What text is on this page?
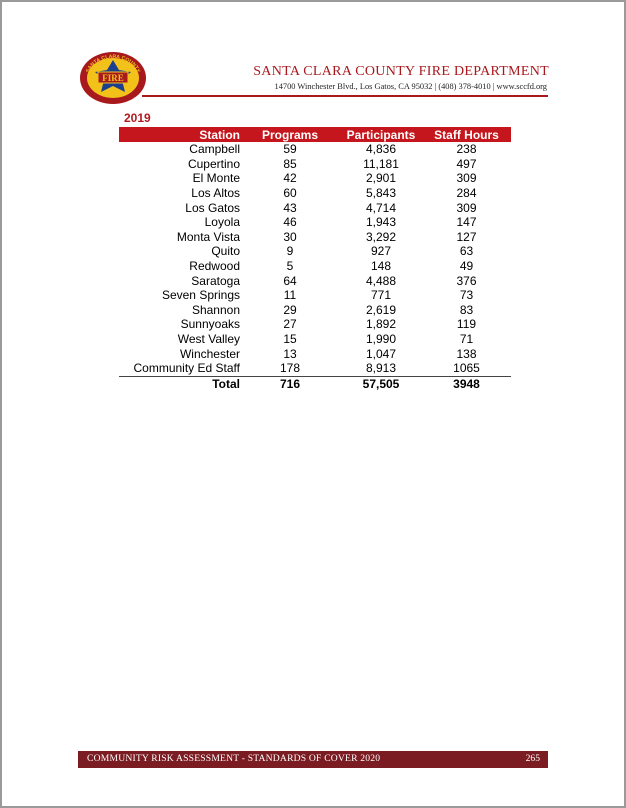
FIRE
SANTA CLARA COUNTY	SANTA CLARA COUNTY FIRE DEPARTMENT
14700 Winchester Blvd., Los Gatos, CA 95032 | (408) 378-4010 | www.sccfd.org
2019
Station	Programs	Participants	Staff Hours
Campbell	59	4,836	238
Cupertino	85	11,181	497
El Monte	42	2,901	309
Los Altos	60	5,843	284
Los Gatos	43	4,714	309
Loyola	46	1,943	147
Monta Vista	30	3,292	127
Quito	9	927	63
Redwood	5	148	49
Saratoga	64	4,488	376
Seven Springs	11	771	73
Shannon	29	2,619	83
Sunnyoaks	27	1,892	119
West Valley	15	1,990	71
Winchester	13	1,047	138
Community Ed Staff	178	8,913	1065
Total	716	57,505	3948
COMMUNITY RISK ASSESSMENT - STANDARDS OF COVER 2020	265
